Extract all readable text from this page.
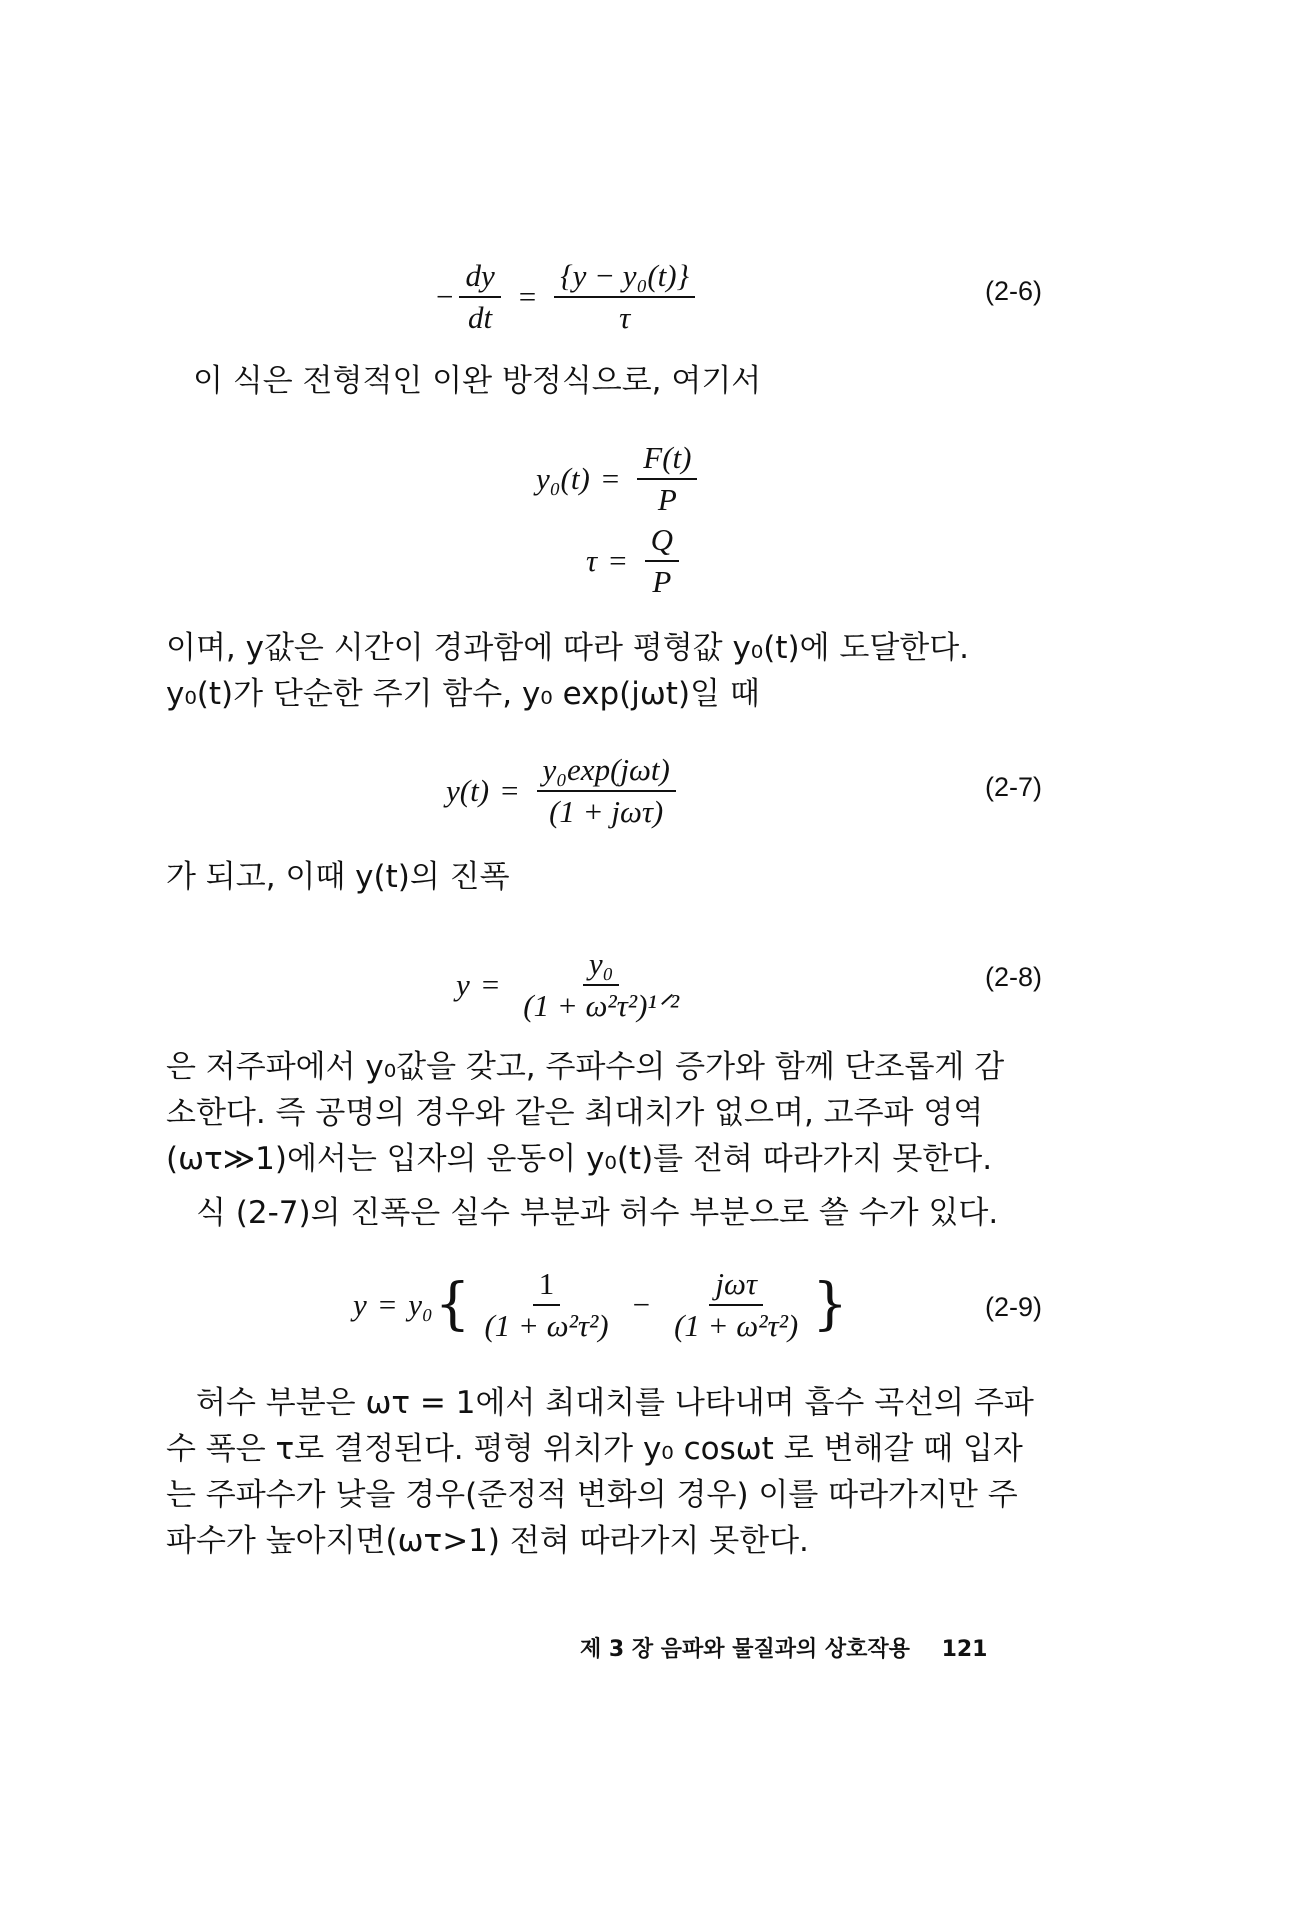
− $\frac{dy}{dt} = \frac{\text{\{y − y₀(t)\}}}{\tau}$	(2-6)
이 식은 전형적인 이완 방정식으로, 여기서
$y_0(t) = \frac{F(t)}{P}$
$\tau = \frac{Q}{P}$
이며, y값은 시간이 경과함에 따라 평형값 y₀(t)에 도달한다.
y₀(t)가 단순한 주기 함수, y₀ exp(jωt)일 때
$y(t) = \frac{\text{y₀exp(jωt)}}{\text{(1 + jωτ)}}$	(2-7)
가 되고, 이때 y(t)의 진폭
$y = \frac{\text{y₀}}{\text{(1 + ω²τ²)¹ᐟ²}}$	(2-8)
은 저주파에서 y₀값을 갖고, 주파수의 증가와 함께 단조롭게 감
소한다. 즉 공명의 경우와 같은 최대치가 없으며, 고주파 영역
(ωτ≫1)에서는 입자의 운동이 y₀(t)를 전혀 따라가지 못한다.
식 (2-7)의 진폭은 실수 부분과 허수 부분으로 쓸 수가 있다.
y = y₀ { $\frac{1}{\text{(1 + ω²τ²)}} - \frac{\text{jωτ}}{\text{(1 + ω²τ²)}}$ }	(2-9)
허수 부분은 ωτ = 1에서 최대치를 나타내며 흡수 곡선의 주파
수 폭은 τ로 결정된다. 평형 위치가 y₀ cosωt 로 변해갈 때 입자
는 주파수가 낮을 경우(준정적 변화의 경우) 이를 따라가지만 주
파수가 높아지면(ωτ>1) 전혀 따라가지 못한다.
제 3 장 음파와 물질과의 상호작용 121
